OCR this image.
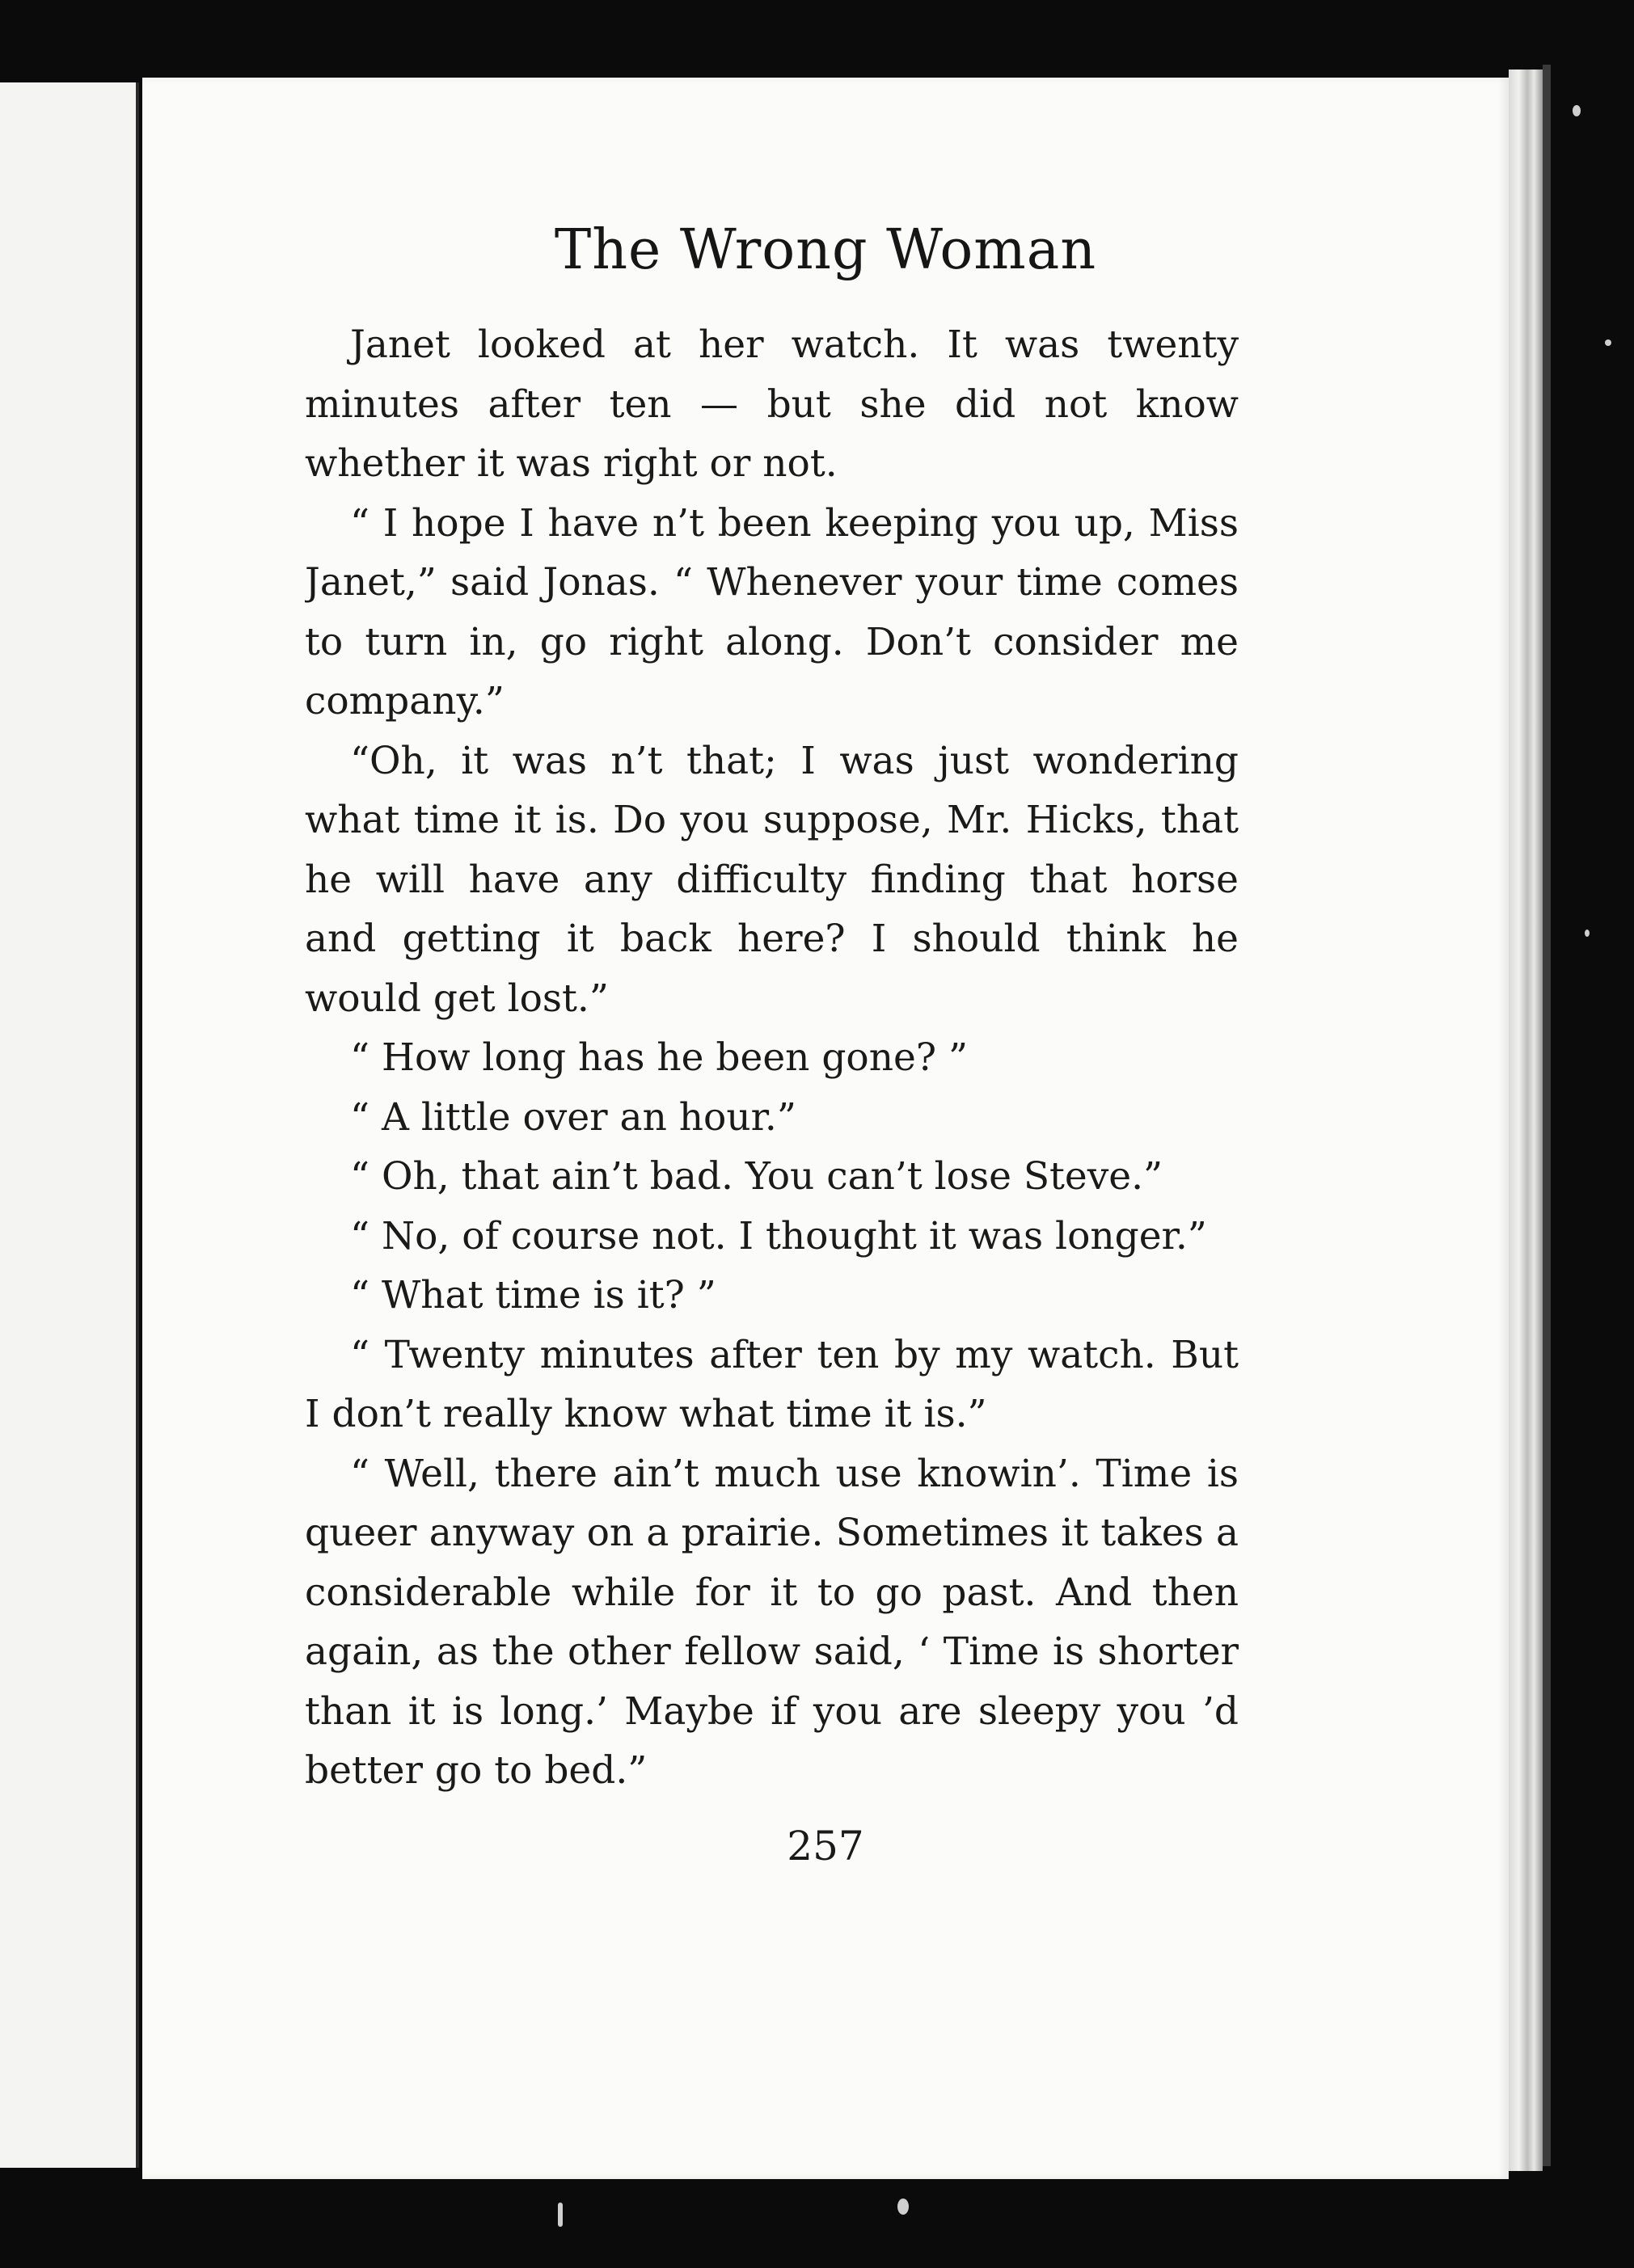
The Wrong Woman

Janet looked at her watch. It was twenty minutes after ten — but she did not know whether it was right or not.

“ I hope I have n’t been keeping you up, Miss Janet,” said Jonas. “ Whenever your time comes to turn in, go right along. Don’t consider me company.”

“Oh, it was n’t that; I was just wondering what time it is. Do you suppose, Mr. Hicks, that he will have any difficulty finding that horse and getting it back here? I should think he would get lost.”

“ How long has he been gone? ”

“ A little over an hour.”

“ Oh, that ain’t bad. You can’t lose Steve.”

“ No, of course not. I thought it was longer.”

“ What time is it? ”

“ Twenty minutes after ten by my watch. But I don’t really know what time it is.”

“ Well, there ain’t much use knowin’. Time is queer anyway on a prairie. Sometimes it takes a considerable while for it to go past. And then again, as the other fellow said, ‘ Time is shorter than it is long.’ Maybe if you are sleepy you ’d better go to bed.”

257
